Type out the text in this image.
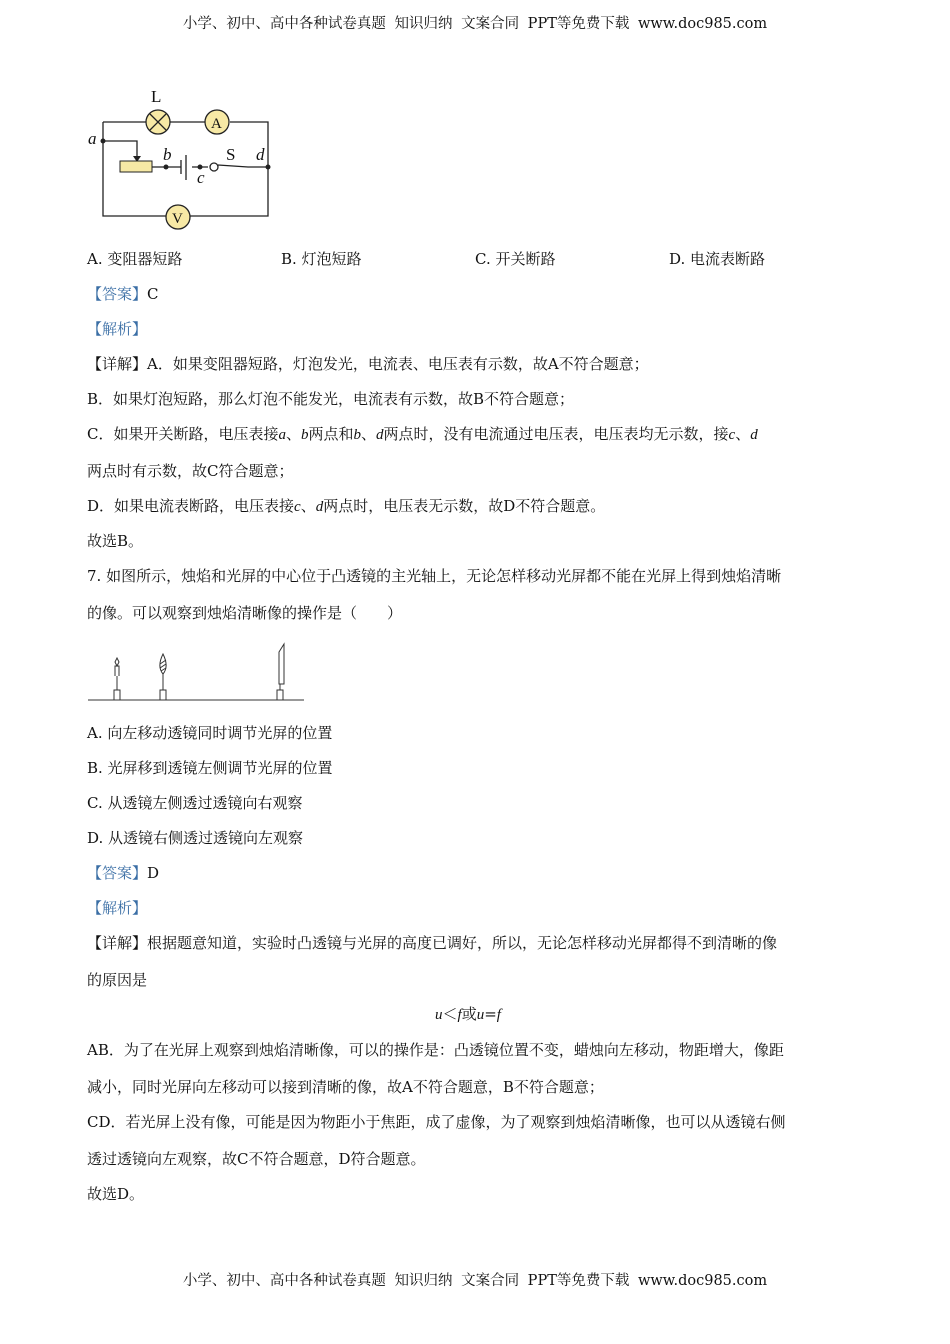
小学、初中、高中各种试卷真题 知识归纳 文案合同 PPT等免费下载 www.doc985.com
L
A
a
b	S d
c
V
A. 变阻器短路	B. 灯泡短路	C. 开关断路	D. 电流表断路
【答案】C
【解析】
【详解】A．如果变阻器短路，灯泡发光，电流表、电压表有示数，故A不符合题意；
B．如果灯泡短路，那么灯泡不能发光，电流表有示数，故B不符合题意；
C．如果开关断路，电压表接a、b两点和b、d两点时，没有电流通过电压表，电压表均无示数，接c、d
两点时有示数，故C符合题意；
D．如果电流表断路，电压表接c、d两点时，电压表无示数，故D不符合题意。
故选B。
7. 如图所示，烛焰和光屏的中心位于凸透镜的主光轴上，无论怎样移动光屏都不能在光屏上得到烛焰清晰
的像。可以观察到烛焰清晰像的操作是（　　）
A. 向左移动透镜同时调节光屏的位置
B. 光屏移到透镜左侧调节光屏的位置
C. 从透镜左侧透过透镜向右观察
D. 从透镜右侧透过透镜向左观察
【答案】D
【解析】
【详解】根据题意知道，实验时凸透镜与光屏的高度已调好，所以，无论怎样移动光屏都得不到清晰的像
的原因是
u＜f或u=f
AB．为了在光屏上观察到烛焰清晰像，可以的操作是：凸透镜位置不变，蜡烛向左移动，物距增大，像距
减小，同时光屏向左移动可以接到清晰的像，故A不符合题意，B不符合题意；
CD．若光屏上没有像，可能是因为物距小于焦距，成了虚像，为了观察到烛焰清晰像，也可以从透镜右侧
透过透镜向左观察，故C不符合题意，D符合题意。
故选D。
小学、初中、高中各种试卷真题 知识归纳 文案合同 PPT等免费下载 www.doc985.com
